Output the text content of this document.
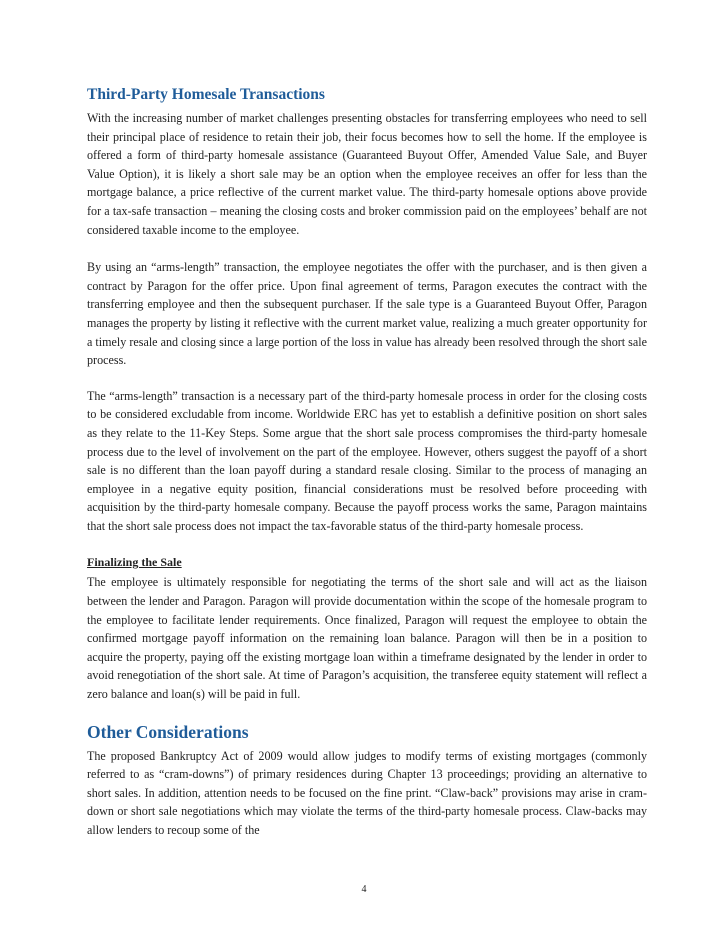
Third-Party Homesale Transactions

With the increasing number of market challenges presenting obstacles for transferring employees who need to sell their principal place of residence to retain their job, their focus becomes how to sell the home. If the employee is offered a form of third-party homesale assistance (Guaranteed Buyout Offer, Amended Value Sale, and Buyer Value Option), it is likely a short sale may be an option when the employee receives an offer for less than the mortgage balance, a price reflective of the current market value. The third-party homesale options above provide for a tax-safe transaction – meaning the closing costs and broker commission paid on the employees’ behalf are not considered taxable income to the employee.

By using an “arms-length” transaction, the employee negotiates the offer with the purchaser, and is then given a contract by Paragon for the offer price. Upon final agreement of terms, Paragon executes the contract with the transferring employee and then the subsequent purchaser. If the sale type is a Guaranteed Buyout Offer, Paragon manages the property by listing it reflective with the current market value, realizing a much greater opportunity for a timely resale and closing since a large portion of the loss in value has already been resolved through the short sale process.

The “arms-length” transaction is a necessary part of the third-party homesale process in order for the closing costs to be considered excludable from income. Worldwide ERC has yet to establish a definitive position on short sales as they relate to the 11-Key Steps. Some argue that the short sale process compromises the third-party homesale process due to the level of involvement on the part of the employee. However, others suggest the payoff of a short sale is no different than the loan payoff during a standard resale closing. Similar to the process of managing an employee in a negative equity position, financial considerations must be resolved before proceeding with acquisition by the third-party homesale company. Because the payoff process works the same, Paragon maintains that the short sale process does not impact the tax-favorable status of the third-party homesale process.

Finalizing the Sale

The employee is ultimately responsible for negotiating the terms of the short sale and will act as the liaison between the lender and Paragon. Paragon will provide documentation within the scope of the homesale program to the employee to facilitate lender requirements. Once finalized, Paragon will request the employee to obtain the confirmed mortgage payoff information on the remaining loan balance. Paragon will then be in a position to acquire the property, paying off the existing mortgage loan within a timeframe designated by the lender in order to avoid renegotiation of the short sale. At time of Paragon’s acquisition, the transferee equity statement will reflect a zero balance and loan(s) will be paid in full.

Other Considerations

The proposed Bankruptcy Act of 2009 would allow judges to modify terms of existing mortgages (commonly referred to as “cram-downs”) of primary residences during Chapter 13 proceedings; providing an alternative to short sales. In addition, attention needs to be focused on the fine print. “Claw-back” provisions may arise in cram-down or short sale negotiations which may violate the terms of the third-party homesale process. Claw-backs may allow lenders to recoup some of the

4
